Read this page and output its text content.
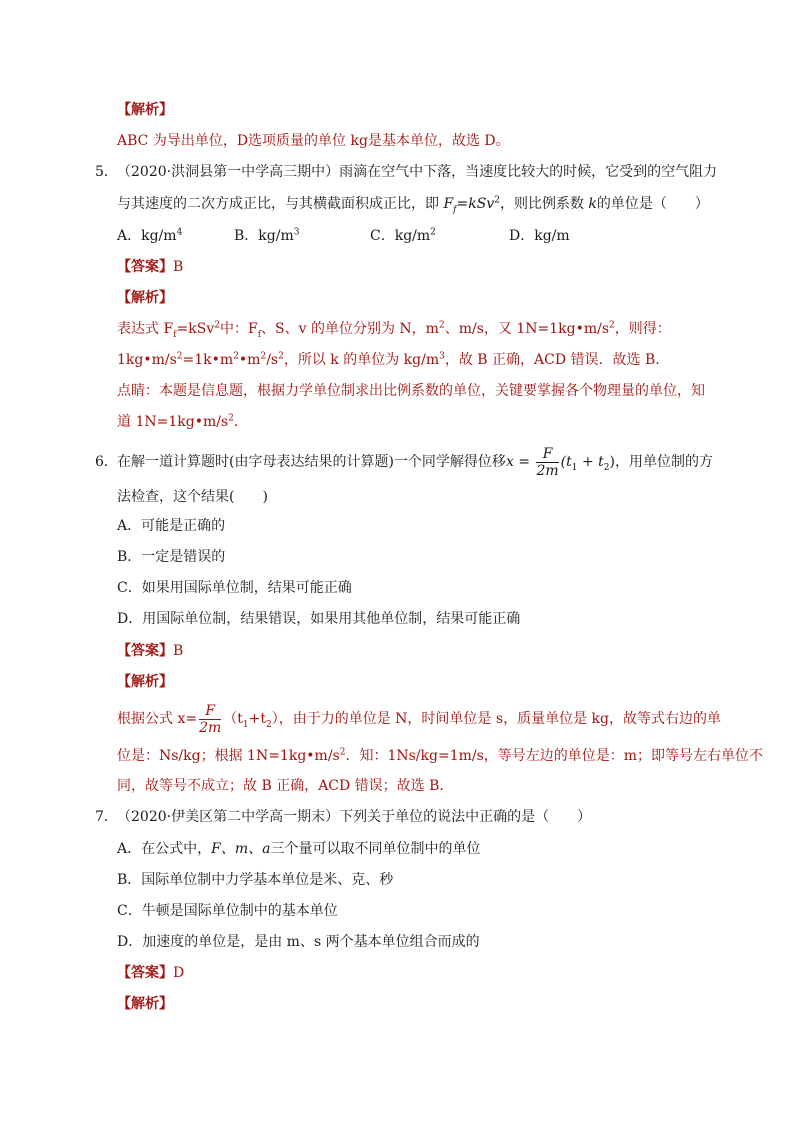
【解析】
ABC 为导出单位，D选项质量的单位 kg是基本单位，故选 D。
5． （2020·洪洞县第一中学高三期中）雨滴在空气中下落，当速度比较大的时候，它受到的空气阻力
与其速度的二次方成正比，与其横截面积成正比，即 $F_f=kSv^2$，则比例系数 k的单位是（　　）
A．$kg/m^4$	B．$kg/m^3$	C．$kg/m^2$	D．kg/m
【答案】B
【解析】
表达式 $F_f=kSv^2$中：$F_f$、S、v 的单位分别为 N，$m^2$、m/s，又 $1N=1kg•m/s^2$，则得：
$1kg•m/s^2=1k•m^2•m^2/s^2$，所以 k 的单位为 $kg/m^3$，故 B 正确，ACD 错误．故选 B.
点睛：本题是信息题，根据力学单位制求出比例系数的单位，关键要掌握各个物理量的单位，知
道 $1N=1kg•m/s^2$．
6． 在解一道计算题时(由字母表达结果的计算题)一个同学解得位移$x = \frac{F}{2m} (t_1 + t_2)$，用单位制的方
法检查，这个结果(　　)
A．可能是正确的
B．一定是错误的
C．如果用国际单位制，结果可能正确
D．用国际单位制，结果错误，如果用其他单位制，结果可能正确
【答案】B
【解析】
根据公式 $x= \frac{F}{2m} (t_1+t_2)$，由于力的单位是 N，时间单位是 s，质量单位是 kg，故等式右边的单
位是：Ns/kg；根据 $1N=1kg•m/s^2$．知：1Ns/kg=1m/s，等号左边的单位是：m；即等号左右单位不
同，故等号不成立；故 B 正确，ACD 错误；故选 B．
7． （2020·伊美区第二中学高一期末）下列关于单位的说法中正确的是（　　）
A．在公式中，F、m、a三个量可以取不同单位制中的单位
B．国际单位制中力学基本单位是米、克、秒
C．牛顿是国际单位制中的基本单位
D．加速度的单位是，是由 m、s 两个基本单位组合而成的
【答案】D
【解析】
